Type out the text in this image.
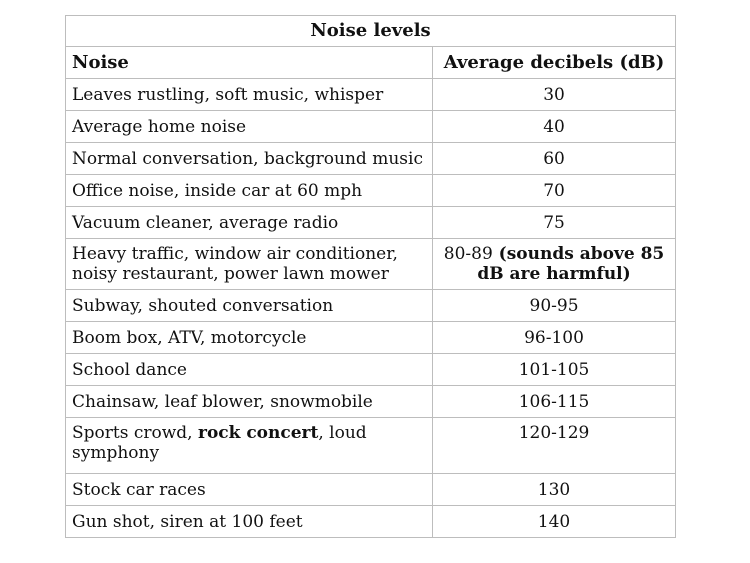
Noise levels	
Noise	Average decibels (dB)
Leaves rustling, soft music, whisper	30
Average home noise	40
Normal conversation, background music	60
Office noise, inside car at 60 mph	70
Vacuum cleaner, average radio	75
Heavy traffic, window air conditioner, noisy restaurant, power lawn mower	80-89 (sounds above 85 dB are harmful)
Subway, shouted conversation	90-95
Boom box, ATV, motorcycle	96-100
School dance	101-105
Chainsaw, leaf blower, snowmobile	106-115
Sports crowd, rock concert, loud symphony	120-129
Stock car races	130
Gun shot, siren at 100 feet	140
